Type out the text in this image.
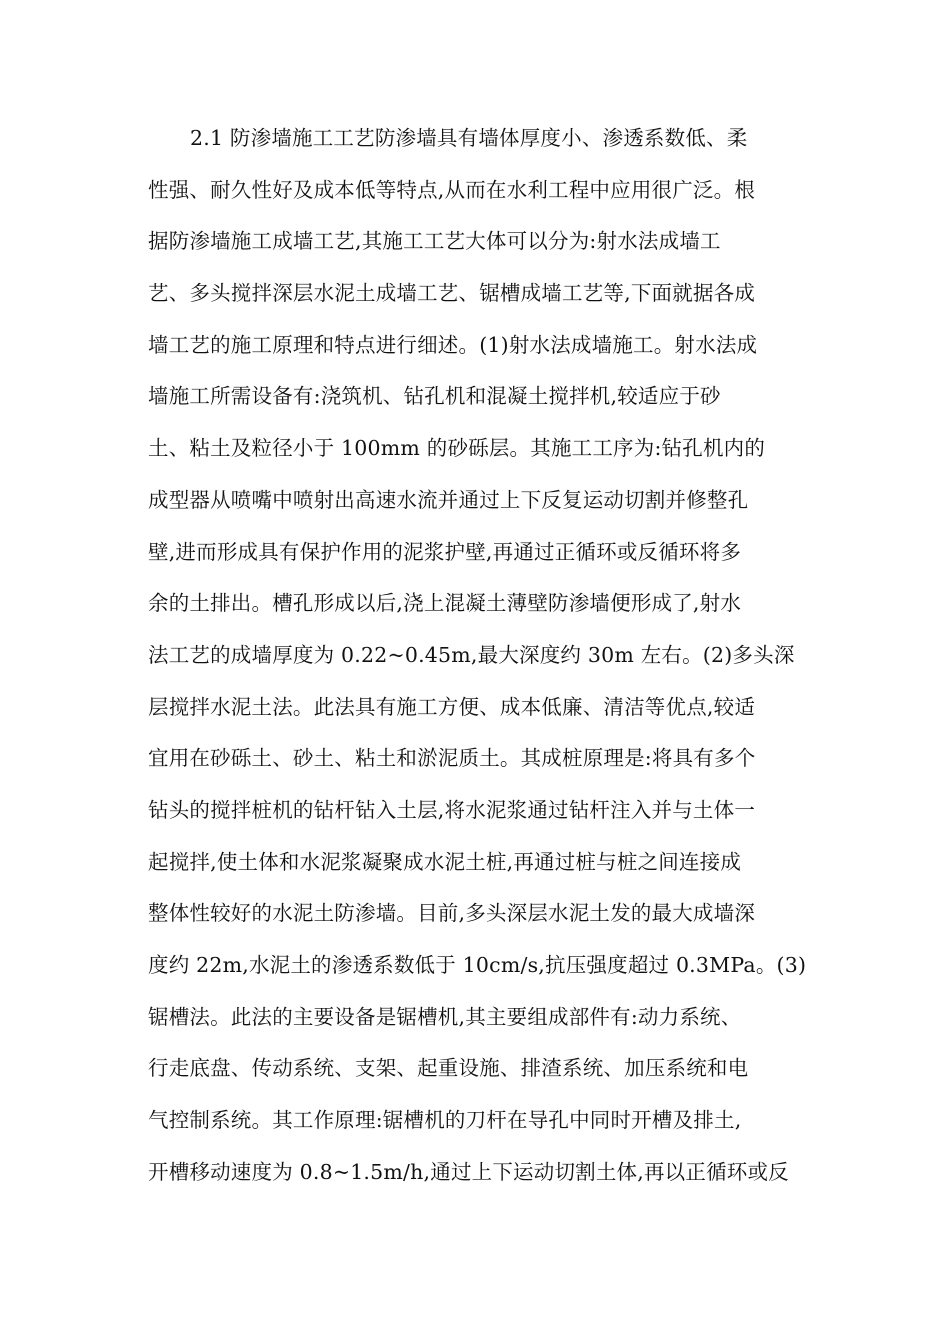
2.1 防渗墙施工工艺防渗墙具有墙体厚度小、渗透系数低、柔
性强、耐久性好及成本低等特点,从而在水利工程中应用很广泛。根
据防渗墙施工成墙工艺,其施工工艺大体可以分为:射水法成墙工
艺、多头搅拌深层水泥土成墙工艺、锯槽成墙工艺等,下面就据各成
墙工艺的施工原理和特点进行细述。(1)射水法成墙施工。射水法成
墙施工所需设备有:浇筑机、钻孔机和混凝土搅拌机,较适应于砂
土、粘土及粒径小于 100mm 的砂砾层。其施工工序为:钻孔机内的
成型器从喷嘴中喷射出高速水流并通过上下反复运动切割并修整孔
壁,进而形成具有保护作用的泥浆护壁,再通过正循环或反循环将多
余的土排出。槽孔形成以后,浇上混凝土薄壁防渗墙便形成了,射水
法工艺的成墙厚度为 0.22~0.45m,最大深度约 30m 左右。(2)多头深
层搅拌水泥土法。此法具有施工方便、成本低廉、清洁等优点,较适
宜用在砂砾土、砂土、粘土和淤泥质土。其成桩原理是:将具有多个
钻头的搅拌桩机的钻杆钻入土层,将水泥浆通过钻杆注入并与土体一
起搅拌,使土体和水泥浆凝聚成水泥土桩,再通过桩与桩之间连接成
整体性较好的水泥土防渗墙。目前,多头深层水泥土发的最大成墙深
度约 22m,水泥土的渗透系数低于 10cm/s,抗压强度超过 0.3MPa。(3)
锯槽法。此法的主要设备是锯槽机,其主要组成部件有:动力系统、
行走底盘、传动系统、支架、起重设施、排渣系统、加压系统和电
气控制系统。其工作原理:锯槽机的刀杆在导孔中同时开槽及排土,
开槽移动速度为 0.8~1.5m/h,通过上下运动切割土体,再以正循环或反
